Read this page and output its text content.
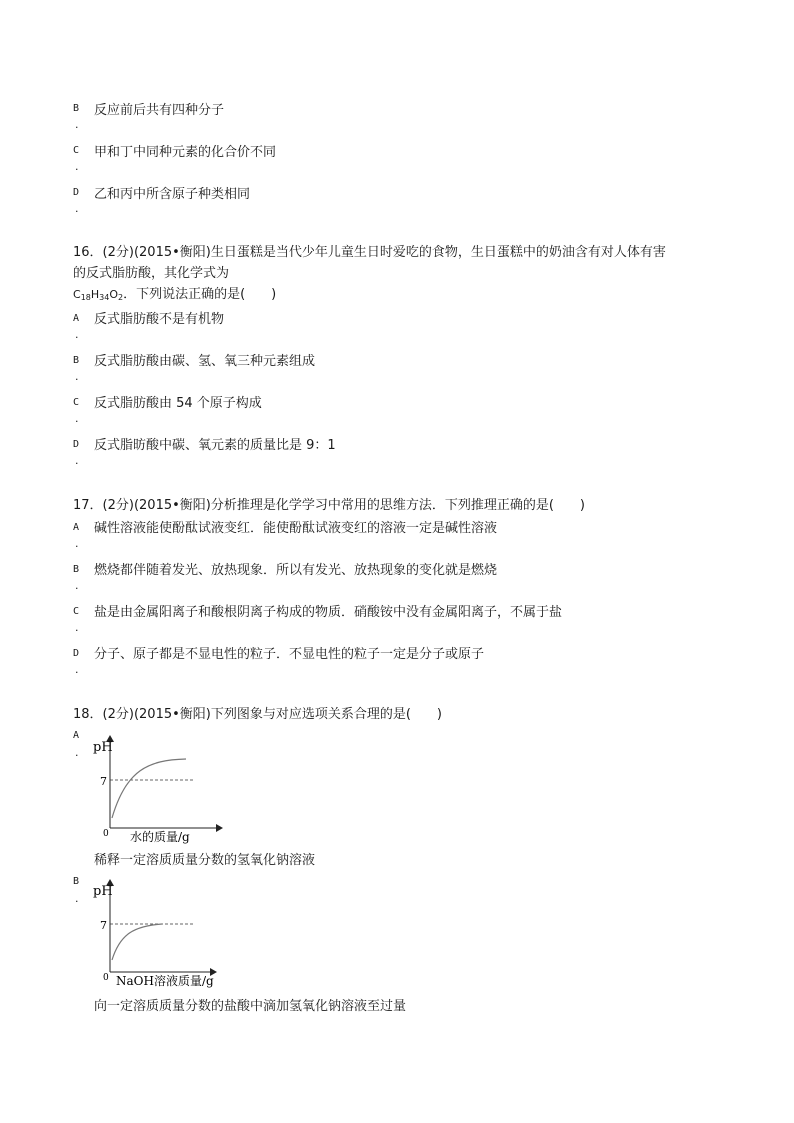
B 反应前后共有四种分子
.
C 甲和丁中同种元素的化合价不同
.
D 乙和丙中所含原子种类相同
.
16．(2分)(2015•衡阳)生日蛋糕是当代少年儿童生日时爱吃的食物，生日蛋糕中的奶油含有对人体有害
的反式脂肪酸，其化学式为
$C_{18}H_{34}O_2$．下列说法正确的是(　　)
A 反式脂肪酸不是有机物
.
B 反式脂肪酸由碳、氢、氧三种元素组成
.
C 反式脂肪酸由 54 个原子构成
.
D 反式脂昉酸中碳、氧元素的质量比是 9：1
.
17．(2分)(2015•衡阳)分析推理是化学学习中常用的思维方法．下列推理正确的是(　　)
A 碱性溶液能使酚酞试液变红．能使酚酞试液变红的溶液一定是碱性溶液
.
B 燃烧都伴随着发光、放热现象．所以有发光、放热现象的变化就是燃烧
.
C 盐是由金属阳离子和酸根阴离子构成的物质．硝酸铵中没有金属阳离子，不属于盐
.
D 分子、原子都是不显电性的粒子．不显电性的粒子一定是分子或原子
.
18．(2分)(2015•衡阳)下列图象与对应选项关系合理的是(　　)
A
. pH
7
0 水的质量/g
稀释一定溶质质量分数的氢氧化钠溶液
B
. pH
7
0 NaOH溶液质量/g
向一定溶质质量分数的盐酸中滴加氢氧化钠溶液至过量
